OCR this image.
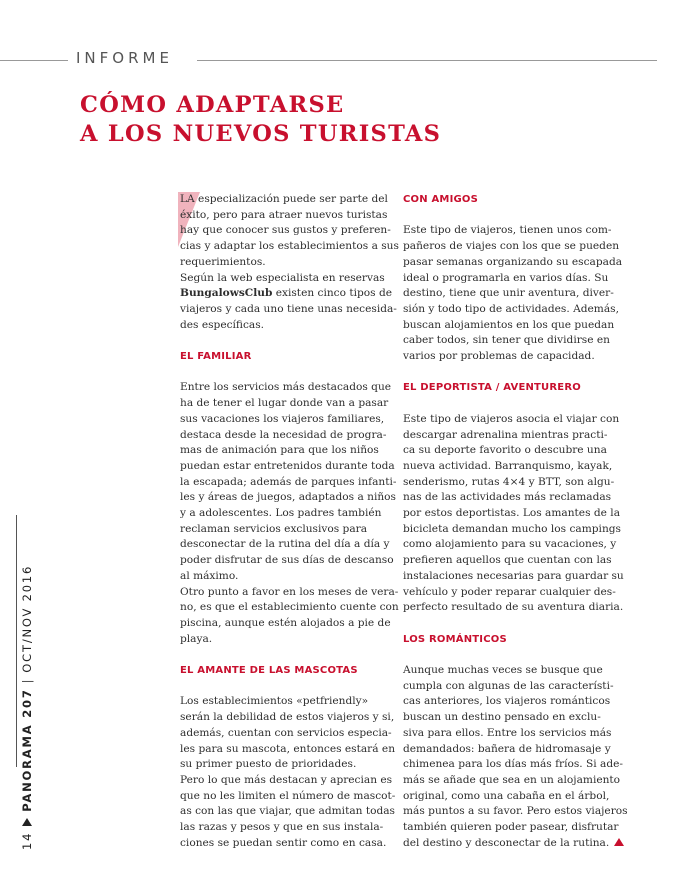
INFORME
CÓMO ADAPTARSE
A LOS NUEVOS TURISTAS

LA especialización puede ser parte del

éxito, pero para atraer nuevos turistas

hay que conocer sus gustos y preferen-

cias y adaptar los establecimientos a sus

requerimientos.

Según la web especialista en reservas

BungalowsClub existen cinco tipos de

viajeros y cada uno tiene unas necesida-

des específicas.

EL FAMILIAR

Entre los servicios más destacados que

ha de tener el lugar donde van a pasar

sus vacaciones los viajeros familiares,

destaca desde la necesidad de progra-

mas de animación para que los niños

puedan estar entretenidos durante toda

la escapada; además de parques infanti-

les y áreas de juegos, adaptados a niños

y a adolescentes. Los padres también

reclaman servicios exclusivos para

desconectar de la rutina del día a día y

poder disfrutar de sus días de descanso

al máximo.

Otro punto a favor en los meses de vera-

no, es que el establecimiento cuente con

piscina, aunque estén alojados a pie de

playa.

EL AMANTE DE LAS MASCOTAS

Los establecimientos «petfriendly»

serán la debilidad de estos viajeros y si,

además, cuentan con servicios especia-

les para su mascota, entonces estará en

su primer puesto de prioridades.

Pero lo que más destacan y aprecian es

que no les limiten el número de mascot-

as con las que viajar, que admitan todas

las razas y pesos y que en sus instala-

ciones se puedan sentir como en casa.

CON AMIGOS

Este tipo de viajeros, tienen unos com-

pañeros de viajes con los que se pueden

pasar semanas organizando su escapada

ideal o programarla en varios días. Su

destino, tiene que unir aventura, diver-

sión y todo tipo de actividades. Además,

buscan alojamientos en los que puedan

caber todos, sin tener que dividirse en

varios por problemas de capacidad.

EL DEPORTISTA / AVENTURERO

Este tipo de viajeros asocia el viajar con

descargar adrenalina mientras practi-

ca su deporte favorito o descubre una

nueva actividad. Barranquismo, kayak,

senderismo, rutas 4×4 y BTT, son algu-

nas de las actividades más reclamadas

por estos deportistas. Los amantes de la

bicicleta demandan mucho los campings

como alojamiento para su vacaciones, y

prefieren aquellos que cuentan con las

instalaciones necesarias para guardar su

vehículo y poder reparar cualquier des-

perfecto resultado de su aventura diaria.

LOS ROMÁNTICOS

Aunque muchas veces se busque que

cumpla con algunas de las característi-

cas anteriores, los viajeros románticos

buscan un destino pensado en exclu-

siva para ellos. Entre los servicios más

demandados: bañera de hidromasaje y

chimenea para los días más fríos. Si ade-

más se añade que sea en un alojamiento

original, como una cabaña en el árbol,

más puntos a su favor. Pero estos viajeros

también quieren poder pasear, disfrutar

del destino y desconectar de la rutina.

14PANORAMA 207|OCT/NOV 2016
